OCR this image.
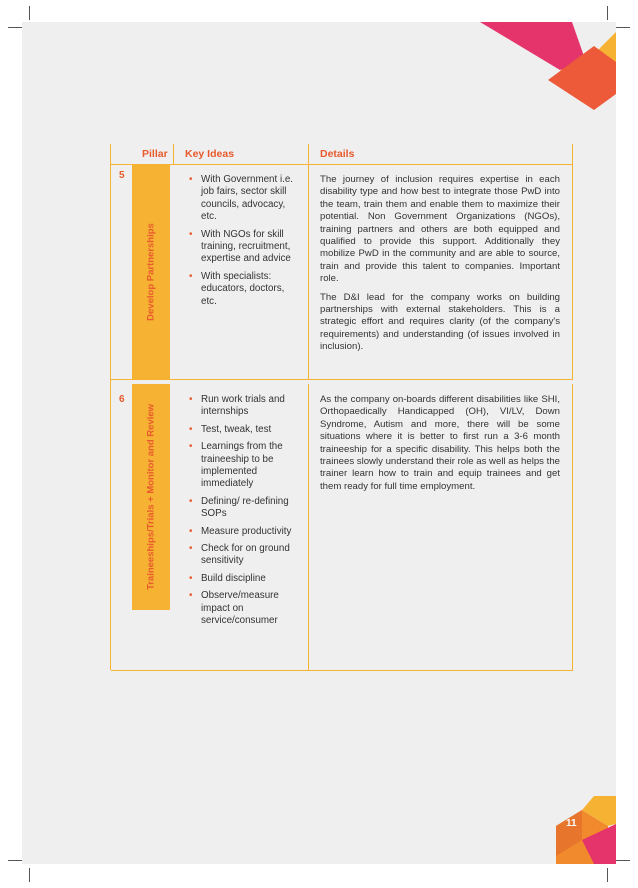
Pillar Key Ideas	Details
5
Develop Partnerships
• With Government i.e. job fairs, sector skill councils, advocacy, etc.
• With NGOs for skill training, recruitment, expertise and advice
• With specialists: educators, doctors, etc.

The journey of inclusion requires expertise in each disability type and how best to integrate those PwD into the team, train them and enable them to maximize their potential. Non Government Organizations (NGOs), training partners and others are both equipped and qualified to provide this support. Additionally they mobilize PwD in the community and are able to source, train and provide this talent to companies. Important role.

The D&I lead for the company works on building partnerships with external stakeholders. This is a strategic effort and requires clarity (of the company's requirements) and understanding (of issues involved in inclusion).

6
Traineeships/Trials + Monitor and Review
• Run work trials and internships
• Test, tweak, test
• Learnings from the traineeship to be implemented immediately
• Defining/ re-defining SOPs
• Measure productivity
• Check for on ground sensitivity
• Build discipline
• Observe/measure impact on service/consumer

As the company on-boards different disabilities like SHI, Orthopaedically Handicapped (OH), VI/LV, Down Syndrome, Autism and more, there will be some situations where it is better to first run a 3-6 month traineeship for a specific disability. This helps both the trainees slowly understand their role as well as helps the trainer learn how to train and equip trainees and get them ready for full time employment.

11
